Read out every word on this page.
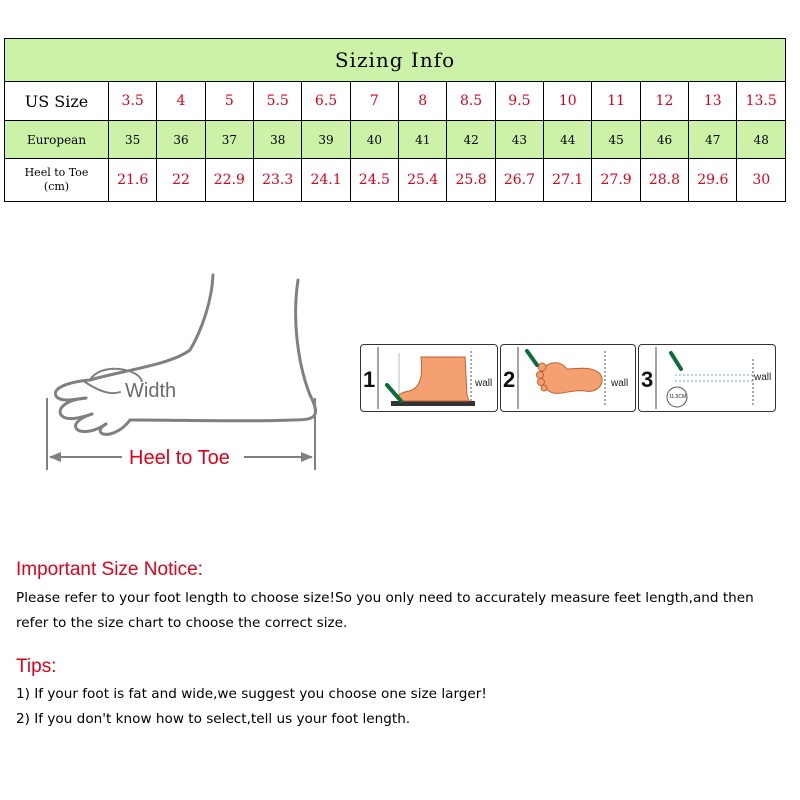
Sizing Info														
US Size	3.5	4	5	5.5	6.5	7	8	8.5	9.5	10	11	12	13	13.5
European	35	36	37	38	39	40	41	42	43	44	45	46	47	48
Heel to Toe
(cm)	21.6	22	22.9	23.3	24.1	24.5	25.4	25.8	26.7	27.1	27.9	28.8	29.6	30
Width
Heel to Toe
1	wall 2	wall 3	wall
11.5CM
Important Size Notice:

Please refer to your foot length to choose size!So you only need to accurately measure feet length,and then refer to the size chart to choose the correct size.

Tips:

1) If your foot is fat and wide,we suggest you choose one size larger!

2) If you don't know how to select,tell us your foot length.
